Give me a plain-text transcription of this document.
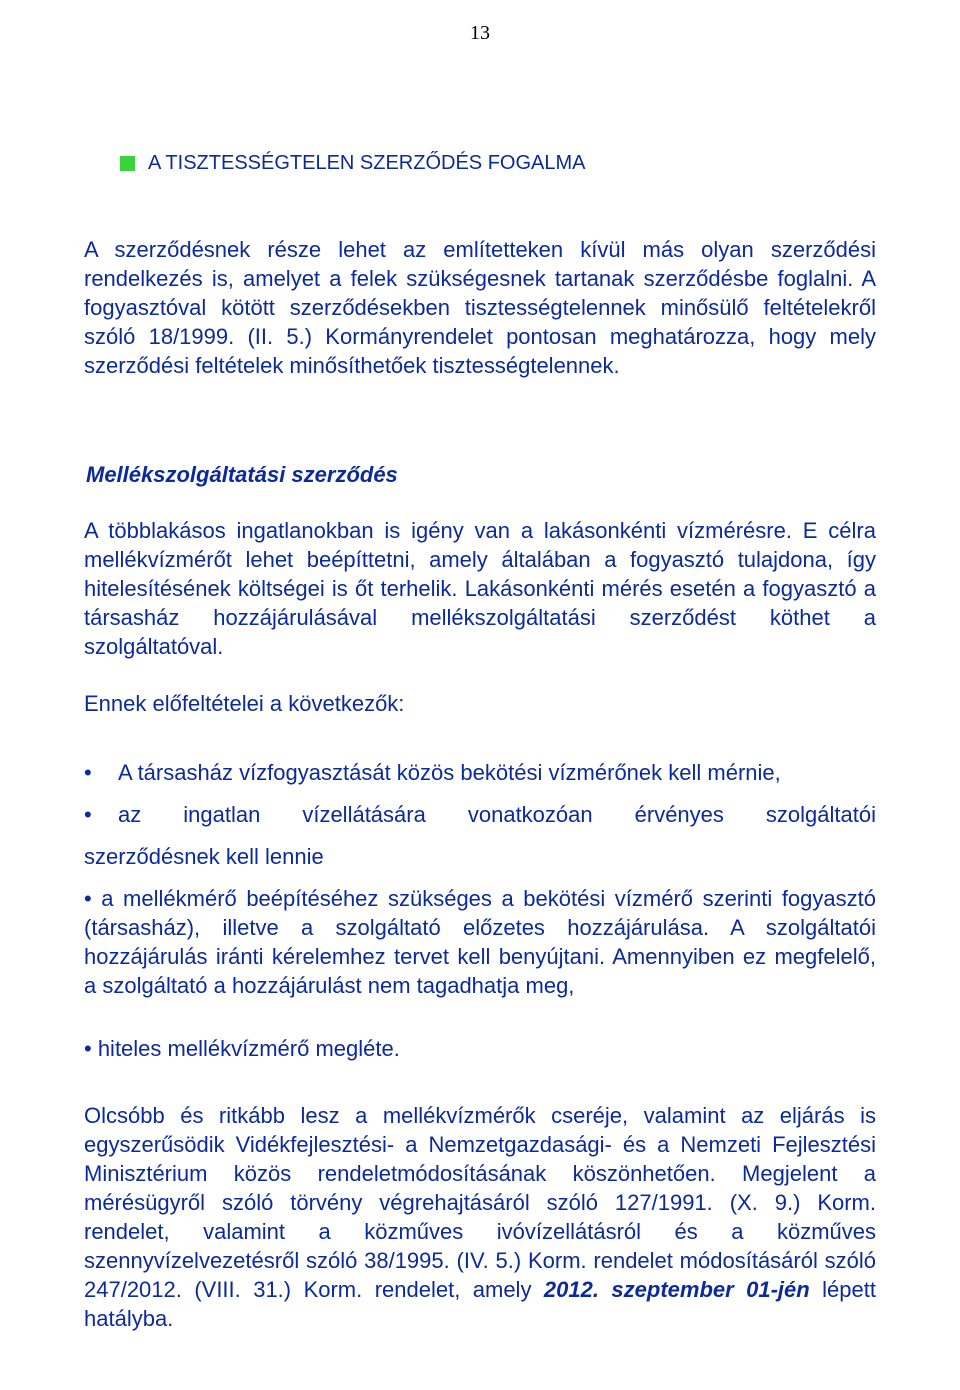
13
A TISZTESSÉGTELEN SZERZŐDÉS FOGALMA

A szerződésnek része lehet az említetteken kívül más olyan szerződési rendelkezés is, amelyet a felek szükségesnek tartanak szerződésbe foglalni. A fogyasztóval kötött szerződésekben tisztességtelennek minősülő feltételekről szóló 18/1999. (II. 5.) Kormányrendelet pontosan meghatározza, hogy mely szerződési feltételek minősíthetőek tisztességtelennek.

Mellékszolgáltatási szerződés

A többlakásos ingatlanokban is igény van a lakásonkénti vízmérésre. E célra mellékvízmérőt lehet beépíttetni, amely általában a fogyasztó tulajdona, így hitelesítésének költségei is őt terhelik. Lakásonkénti mérés esetén a fogyasztó a társasház hozzájárulásával mellékszolgáltatási szerződést köthet a szolgáltatóval.

Ennek előfeltételei a következők:

•	A társasház vízfogyasztását közös bekötési vízmérőnek kell mérnie,
•	az ingatlan vízellátására vonatkozóan érvényes szolgáltatói

szerződésnek kell lennie

• a mellékmérő beépítéséhez szükséges a bekötési vízmérő szerinti fogyasztó (társasház), illetve a szolgáltató előzetes hozzájárulása. A szolgáltatói hozzájárulás iránti kérelemhez tervet kell benyújtani. Amennyiben ez megfelelő, a szolgáltató a hozzájárulást nem tagadhatja meg,

• hiteles mellékvízmérő megléte.

Olcsóbb és ritkább lesz a mellékvízmérők cseréje, valamint az eljárás is egyszerűsödik Vidékfejlesztési- a Nemzetgazdasági- és a Nemzeti Fejlesztési Minisztérium közös rendeletmódosításának köszönhetően. Megjelent a mérésügyről szóló törvény végrehajtásáról szóló 127/1991. (X. 9.) Korm. rendelet, valamint a közműves ivóvízellátásról és a közműves szennyvízelvezetésről szóló 38/1995. (IV. 5.) Korm. rendelet módosításáról szóló 247/2012. (VIII. 31.) Korm. rendelet, amely 2012. szeptember 01-jén lépett hatályba.
